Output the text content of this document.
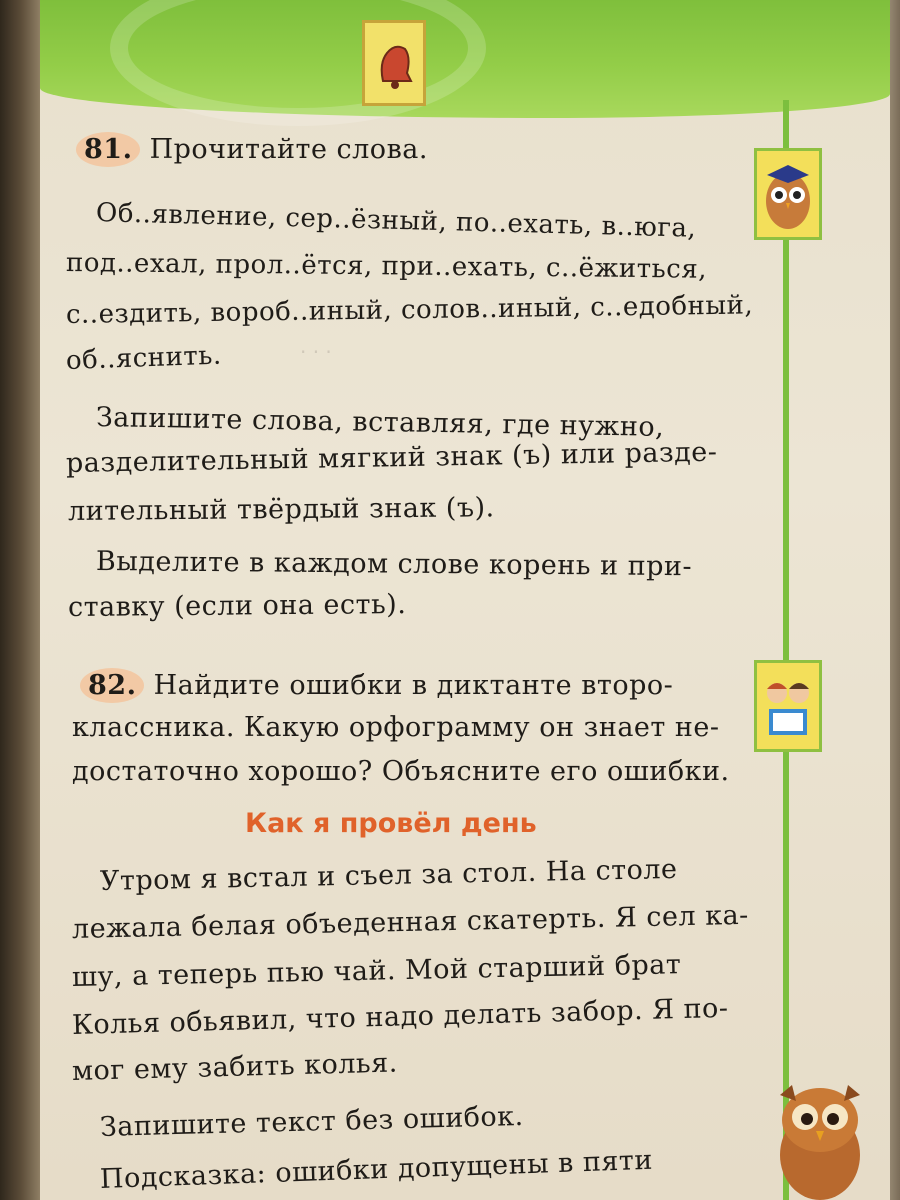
· · ·
81. Прочитайте слова.
Об..явление, сер..ёзный, по..ехать, в..юга,
под..ехал, прол..ётся, при..ехать, с..ёжиться,
с..ездить, вороб..иный, солов..иный, с..едобный,
об..яснить.
Запишите слова, вставляя, где нужно,
разделительный мягкий знак (ъ) или разде-
лительный твёрдый знак (ъ).
Выделите в каждом слове корень и при-
ставку (если она есть).
82. Найдите ошибки в диктанте второ-
классника. Какую орфограмму он знает не-
достаточно хорошо? Объясните его ошибки.
Как я провёл день
Утром я встал и съел за стол. На столе
лежала белая объеденная скатерть. Я сел ка-
шу, а теперь пью чай. Мой старший брат
Колья обьявил, что надо делать забор. Я по-
мог ему забить колья.
Запишите текст без ошибок.
Подсказка: ошибки допущены в пяти
